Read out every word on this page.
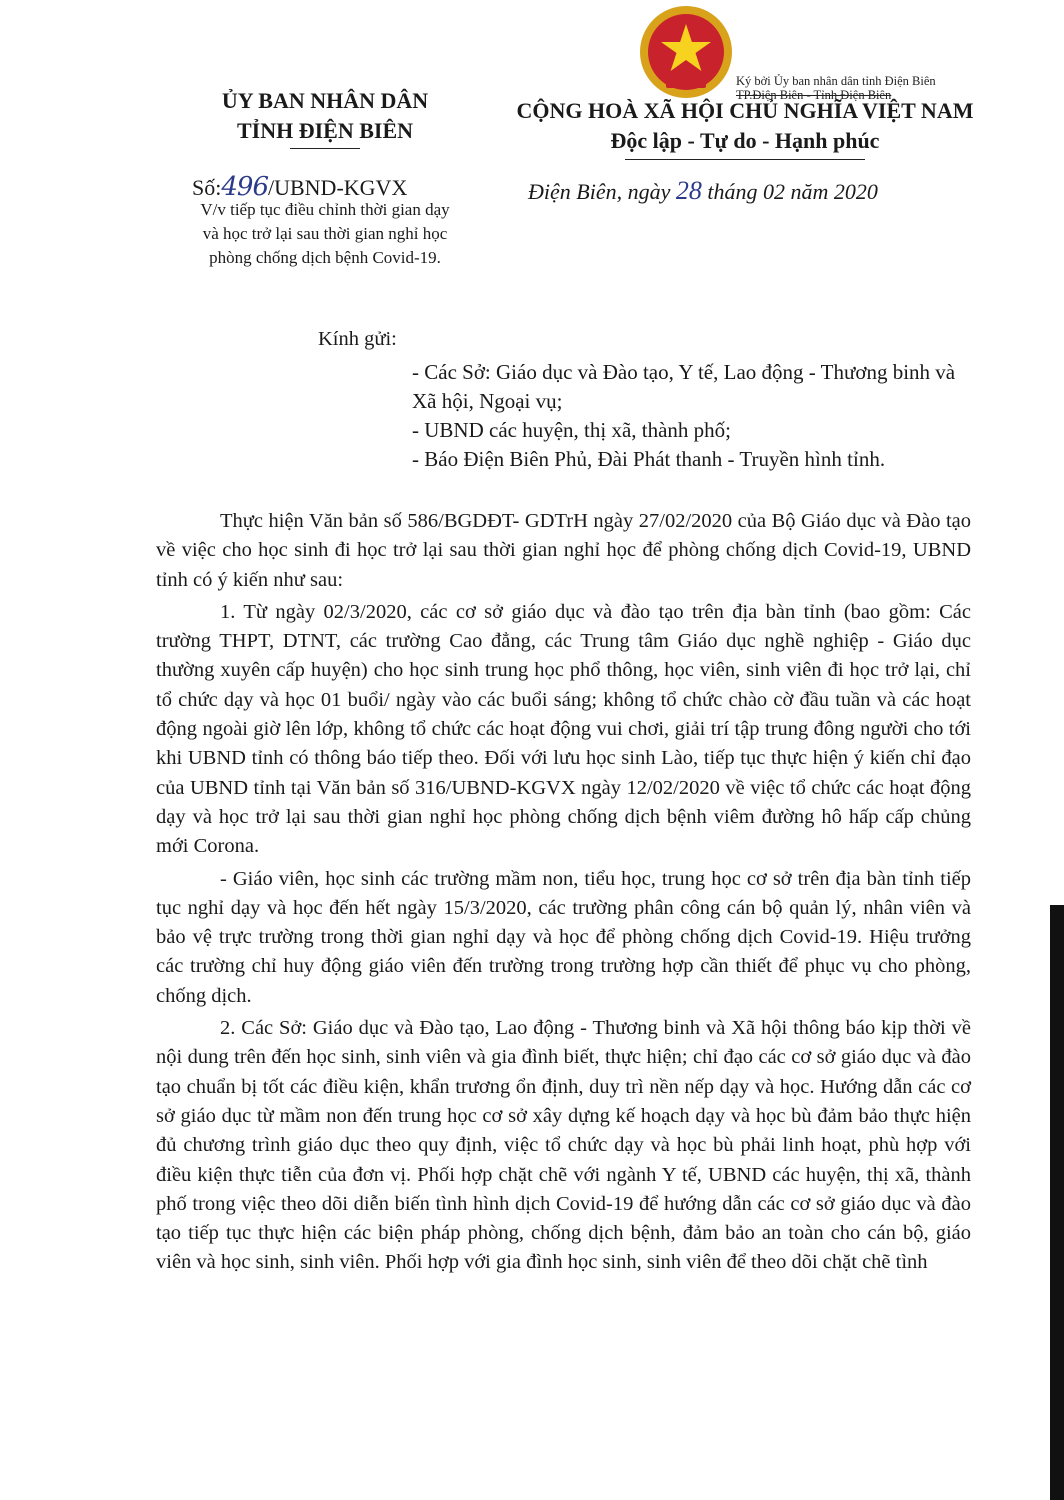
Ký bởi Ủy ban nhân dân tỉnh Điện Biên
TP.Điện Biên - Tỉnh Điện Biên
ỦY BAN NHÂN DÂN
TỈNH ĐIỆN BIÊN
CỘNG HOÀ XÃ HỘI CHỦ NGHĨA VIỆT NAM
Độc lập - Tự do - Hạnh phúc
Số:496/UBND-KGVX
V/v tiếp tục điều chỉnh thời gian dạy
và học trở lại sau thời gian nghỉ học
phòng chống dịch bệnh Covid-19.
Điện Biên, ngày 28 tháng 02 năm 2020
Kính gửi:

- Các Sở: Giáo dục và Đào tạo, Y tế, Lao động - Thương binh và Xã hội, Ngoại vụ;

- UBND các huyện, thị xã, thành phố;

- Báo Điện Biên Phủ, Đài Phát thanh - Truyền hình tỉnh.

Thực hiện Văn bản số 586/BGDĐT- GDTrH ngày 27/02/2020 của Bộ Giáo dục và Đào tạo về việc cho học sinh đi học trở lại sau thời gian nghỉ học để phòng chống dịch Covid-19, UBND tỉnh có ý kiến như sau:

1. Từ ngày 02/3/2020, các cơ sở giáo dục và đào tạo trên địa bàn tỉnh (bao gồm: Các trường THPT, DTNT, các trường Cao đẳng, các Trung tâm Giáo dục nghề nghiệp - Giáo dục thường xuyên cấp huyện) cho học sinh trung học phổ thông, học viên, sinh viên đi học trở lại, chỉ tổ chức dạy và học 01 buổi/ ngày vào các buổi sáng; không tổ chức chào cờ đầu tuần và các hoạt động ngoài giờ lên lớp, không tổ chức các hoạt động vui chơi, giải trí tập trung đông người cho tới khi UBND tỉnh có thông báo tiếp theo. Đối với lưu học sinh Lào, tiếp tục thực hiện ý kiến chỉ đạo của UBND tỉnh tại Văn bản số 316/UBND-KGVX ngày 12/02/2020 về việc tổ chức các hoạt động dạy và học trở lại sau thời gian nghỉ học phòng chống dịch bệnh viêm đường hô hấp cấp chủng mới Corona.

- Giáo viên, học sinh các trường mầm non, tiểu học, trung học cơ sở trên địa bàn tỉnh tiếp tục nghỉ dạy và học đến hết ngày 15/3/2020, các trường phân công cán bộ quản lý, nhân viên và bảo vệ trực trường trong thời gian nghỉ dạy và học để phòng chống dịch Covid-19. Hiệu trưởng các trường chỉ huy động giáo viên đến trường trong trường hợp cần thiết để phục vụ cho phòng, chống dịch.

2. Các Sở: Giáo dục và Đào tạo, Lao động - Thương binh và Xã hội thông báo kịp thời về nội dung trên đến học sinh, sinh viên và gia đình biết, thực hiện; chỉ đạo các cơ sở giáo dục và đào tạo chuẩn bị tốt các điều kiện, khẩn trương ổn định, duy trì nền nếp dạy và học. Hướng dẫn các cơ sở giáo dục từ mầm non đến trung học cơ sở xây dựng kế hoạch dạy và học bù đảm bảo thực hiện đủ chương trình giáo dục theo quy định, việc tổ chức dạy và học bù phải linh hoạt, phù hợp với điều kiện thực tiễn của đơn vị. Phối hợp chặt chẽ với ngành Y tế, UBND các huyện, thị xã, thành phố trong việc theo dõi diễn biến tình hình dịch Covid-19 để hướng dẫn các cơ sở giáo dục và đào tạo tiếp tục thực hiện các biện pháp phòng, chống dịch bệnh, đảm bảo an toàn cho cán bộ, giáo viên và học sinh, sinh viên. Phối hợp với gia đình học sinh, sinh viên để theo dõi chặt chẽ tình
